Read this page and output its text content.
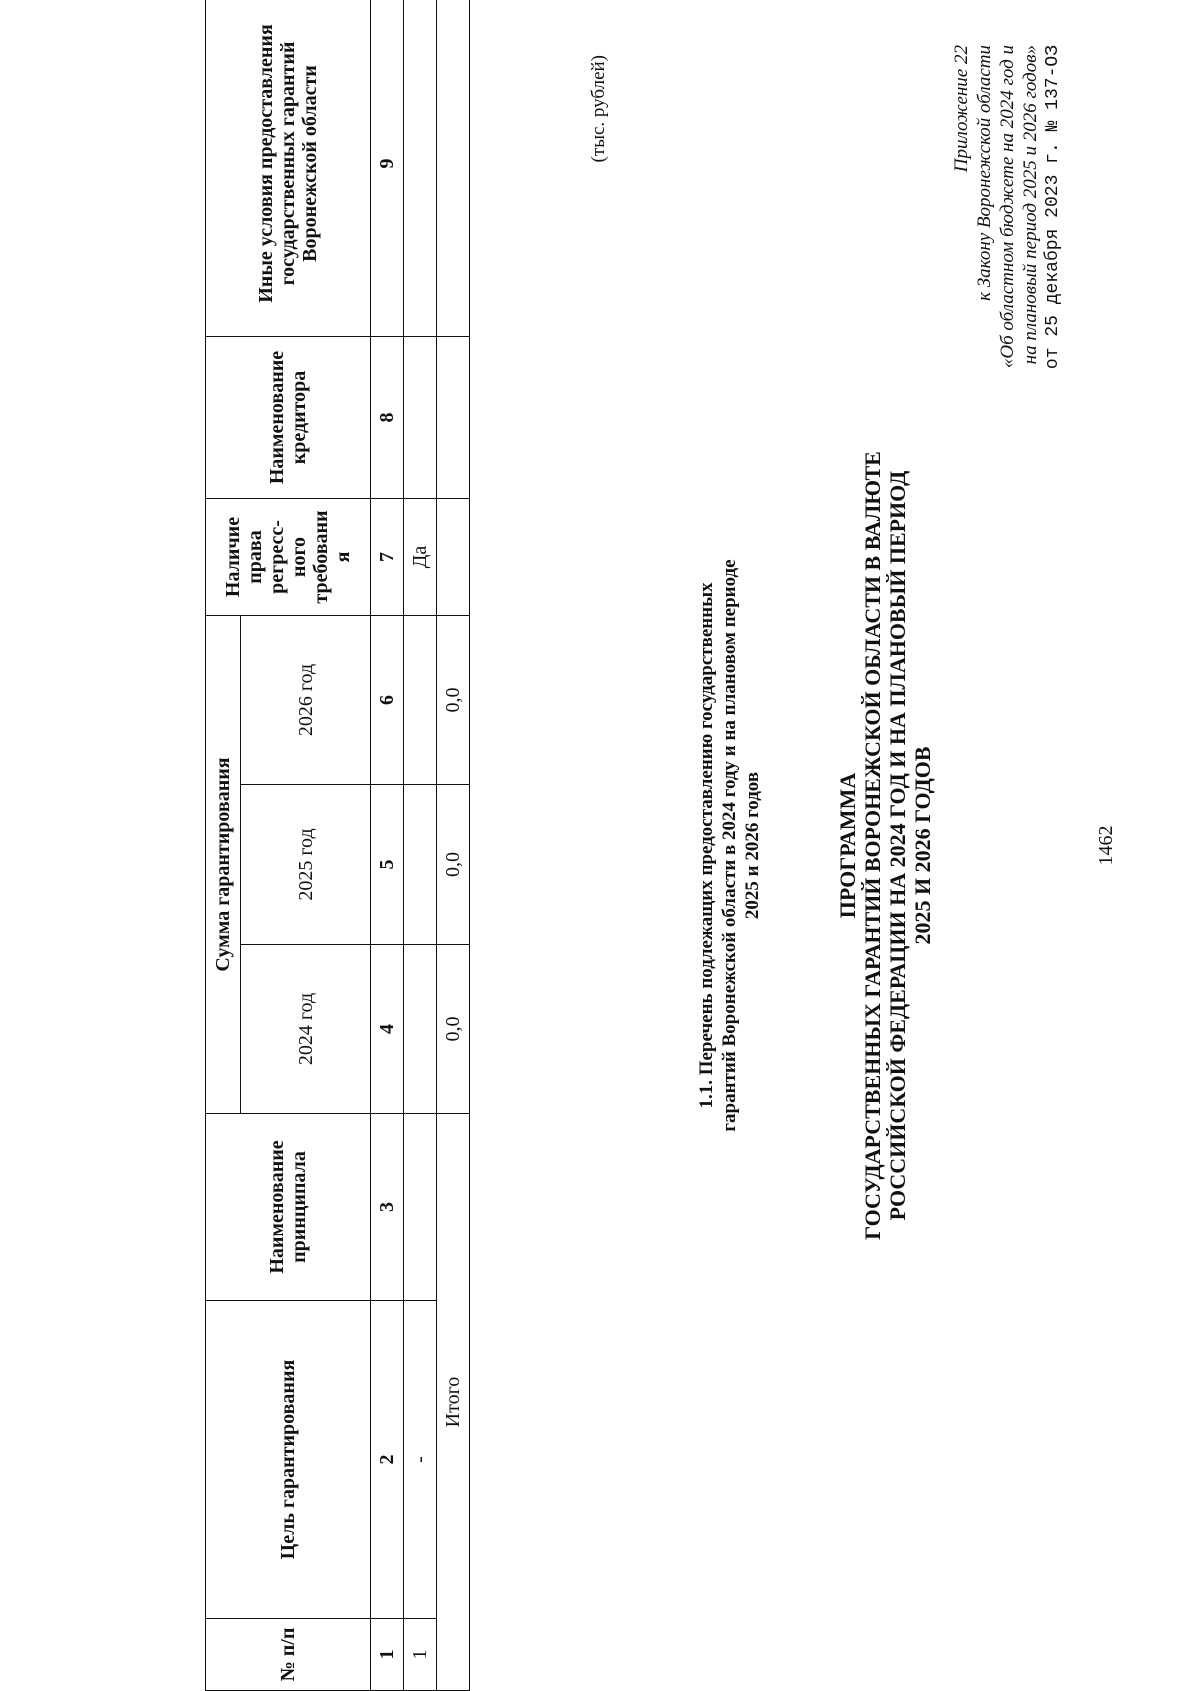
1462
Приложение 22 к Закону Воронежской области «Об областном бюджете на 2024 год и на плановый период 2025 и 2026 годов» от 25 декабря 2023 г. № 137-ОЗ
ПРОГРАММА ГОСУДАРСТВЕННЫХ ГАРАНТИЙ ВОРОНЕЖСКОЙ ОБЛАСТИ В ВАЛЮТЕ РОССИЙСКОЙ ФЕДЕРАЦИИ НА 2024 ГОД И НА ПЛАНОВЫЙ ПЕРИОД 2025 И 2026 ГОДОВ
1.1. Перечень подлежащих предоставлению государственных гарантий Воронежской области в 2024 году и на плановом периоде 2025 и 2026 годов
(тыс. рублей)
№ п/п	Цель гарантирования	Наименование принципала	Сумма гарантирования			Наличие права регресс-ного требовани я	Наименование кредитора	Иные условия предоставления государственных гарантий Воронежской области
			2024 год	2025 год	2026 год			
1	2	3	4	5	6	7	8	9
1	-					Да		
Итого			0,0	0,0	0,0			
